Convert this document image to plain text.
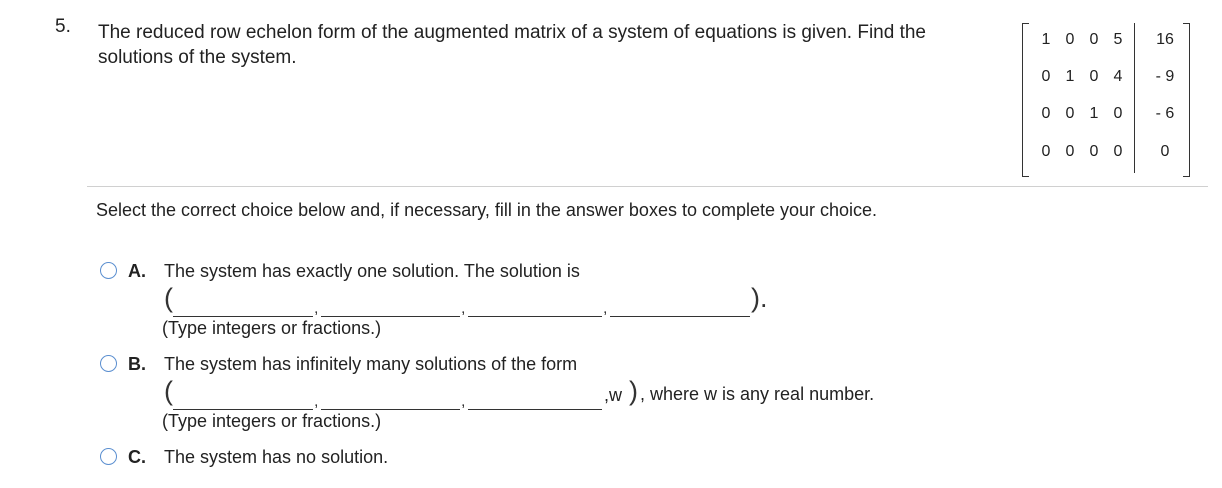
5. The reduced row echelon form of the augmented matrix of a system of equations is given. Find the solutions of the system.
1 0 0 5	16
0 1 0 4	- 9
0 0 1 0	- 6
0 0 0 0	0
Select the correct choice below and, if necessary, fill in the answer boxes to complete your choice.
A. The system has exactly one solution. The solution is
(	,	,	,	).
(Type integers or fractions.)
B. The system has infinitely many solutions of the form
(	,	,	,w ) , where w is any real number.
(Type integers or fractions.)
C. The system has no solution.
